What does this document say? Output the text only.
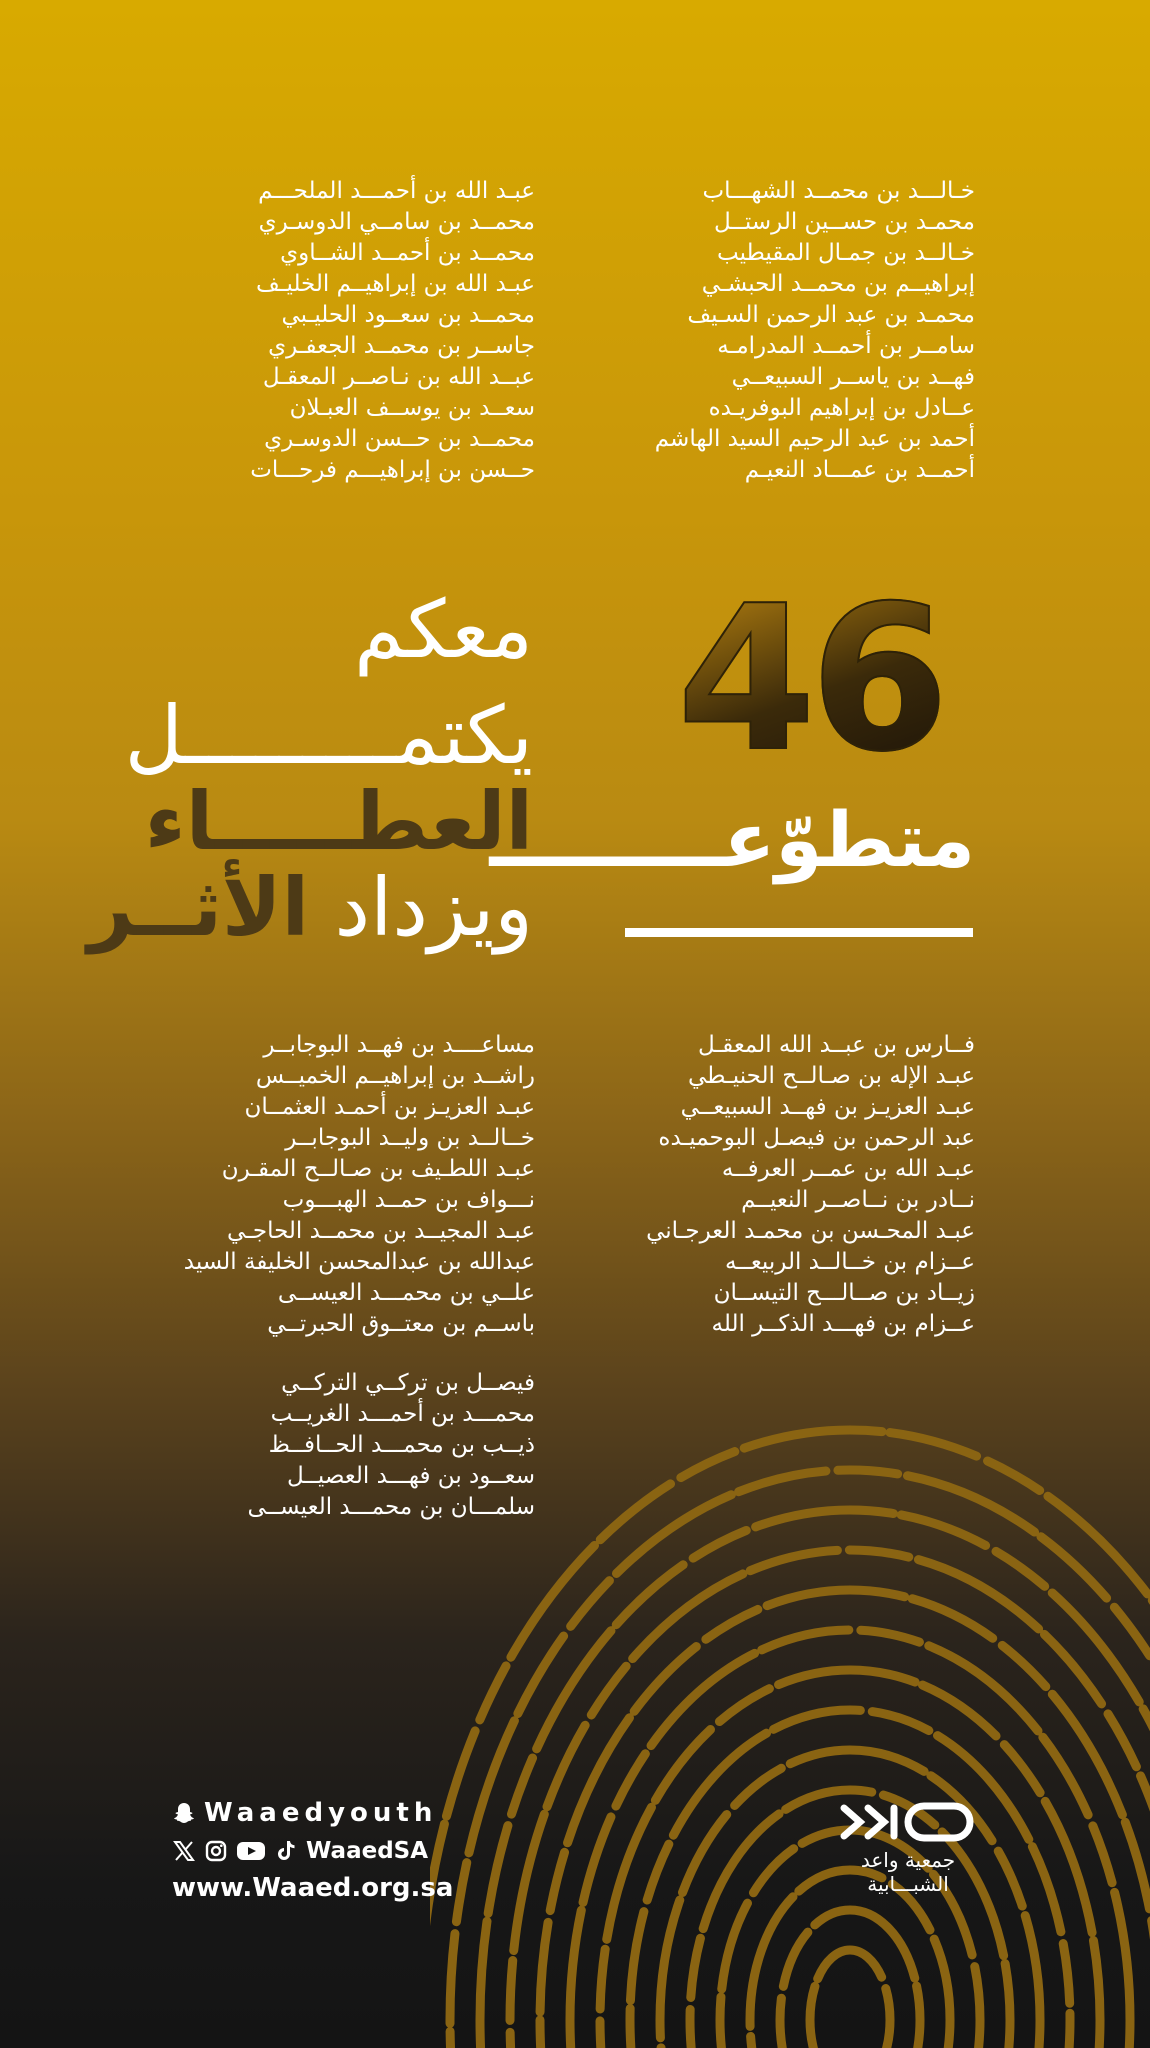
خـالـــد بن محمــد الشهـــاب
محمـد بن حســين الرستــل
خـالــد بن جمـال المقيطيب
إبراهيــم بن محمــد الحبشـي
محمـد بن عبد الرحمن السـيف
سامــر بن أحمــد المدرامـه
فهــد بن ياســر السبيعــي
عــادل بن إبراهيم البوفريـده
أحمد بن عبد الرحيم السيد الهاشم
أحمــد بن عمـــاد النعيـم
عبـد الله بن أحمـــد الملحـــم
محمــد بن سامــي الدوسـري
محمــد بن أحمــد الشــاوي
عبـد الله بن إبراهيــم الخليـف
محمــد بن سعــود الحليـبي
جاســر بن محمــد الجعفـري
عبــد الله بن نـاصــر المعقـل
سعــد بن يوســف العبـلان
محمــد بن حــسن الدوسـري
حــسن بن إبراهيـــم فرحـــات
46
متطوّعـــــــــ
معكم
يكتمـــــــــل
العطـــــاء
ويزداد الأثــر
فــارس بن عبــد الله المعقـل
عبـد الإله بن صـالــح الحنيـطي
عبـد العزيـز بن فهــد السبيعــي
عبد الرحمن بن فيصـل البوحميـده
عبـد الله بن عمــر العرفــه
نــادر بن نــاصــر النعيــم
عبـد المحـسن بن محمـد العرجـاني
عــزام بن خــالــد الربيعــه
زيــاد بن صــالـــح التيســان
عــزام بن فهـــد الذكــر الله
مساعــــد بن فهــد البوجابــر
راشــد بن إبراهيــم الخميــس
عبـد العزيـز بن أحمـد العثمــان
خــالــد بن وليــد البوجابــر
عبـد اللطـيف بن صـالــح المقـرن
نـــواف بن حمــد الهبـــوب
عبـد المجيــد بن محمــد الحاجـي
عبدالله بن عبدالمحسن الخليفة السيد
علــي بن محمـــد العيســى
باســم بن معتــوق الحبرتــي
فيصــل بن تركــي التركــي
محمـــد بن أحمـــد الغريــب
ذيــب بن محمـــد الحــافــظ
سعــود بن فهـــد العصيــل
سلمـــان بن محمـــد العيســى
Waaedyouth
WaaedSA
www.Waaed.org.sa
جمعية واعد
الشبـــابية
